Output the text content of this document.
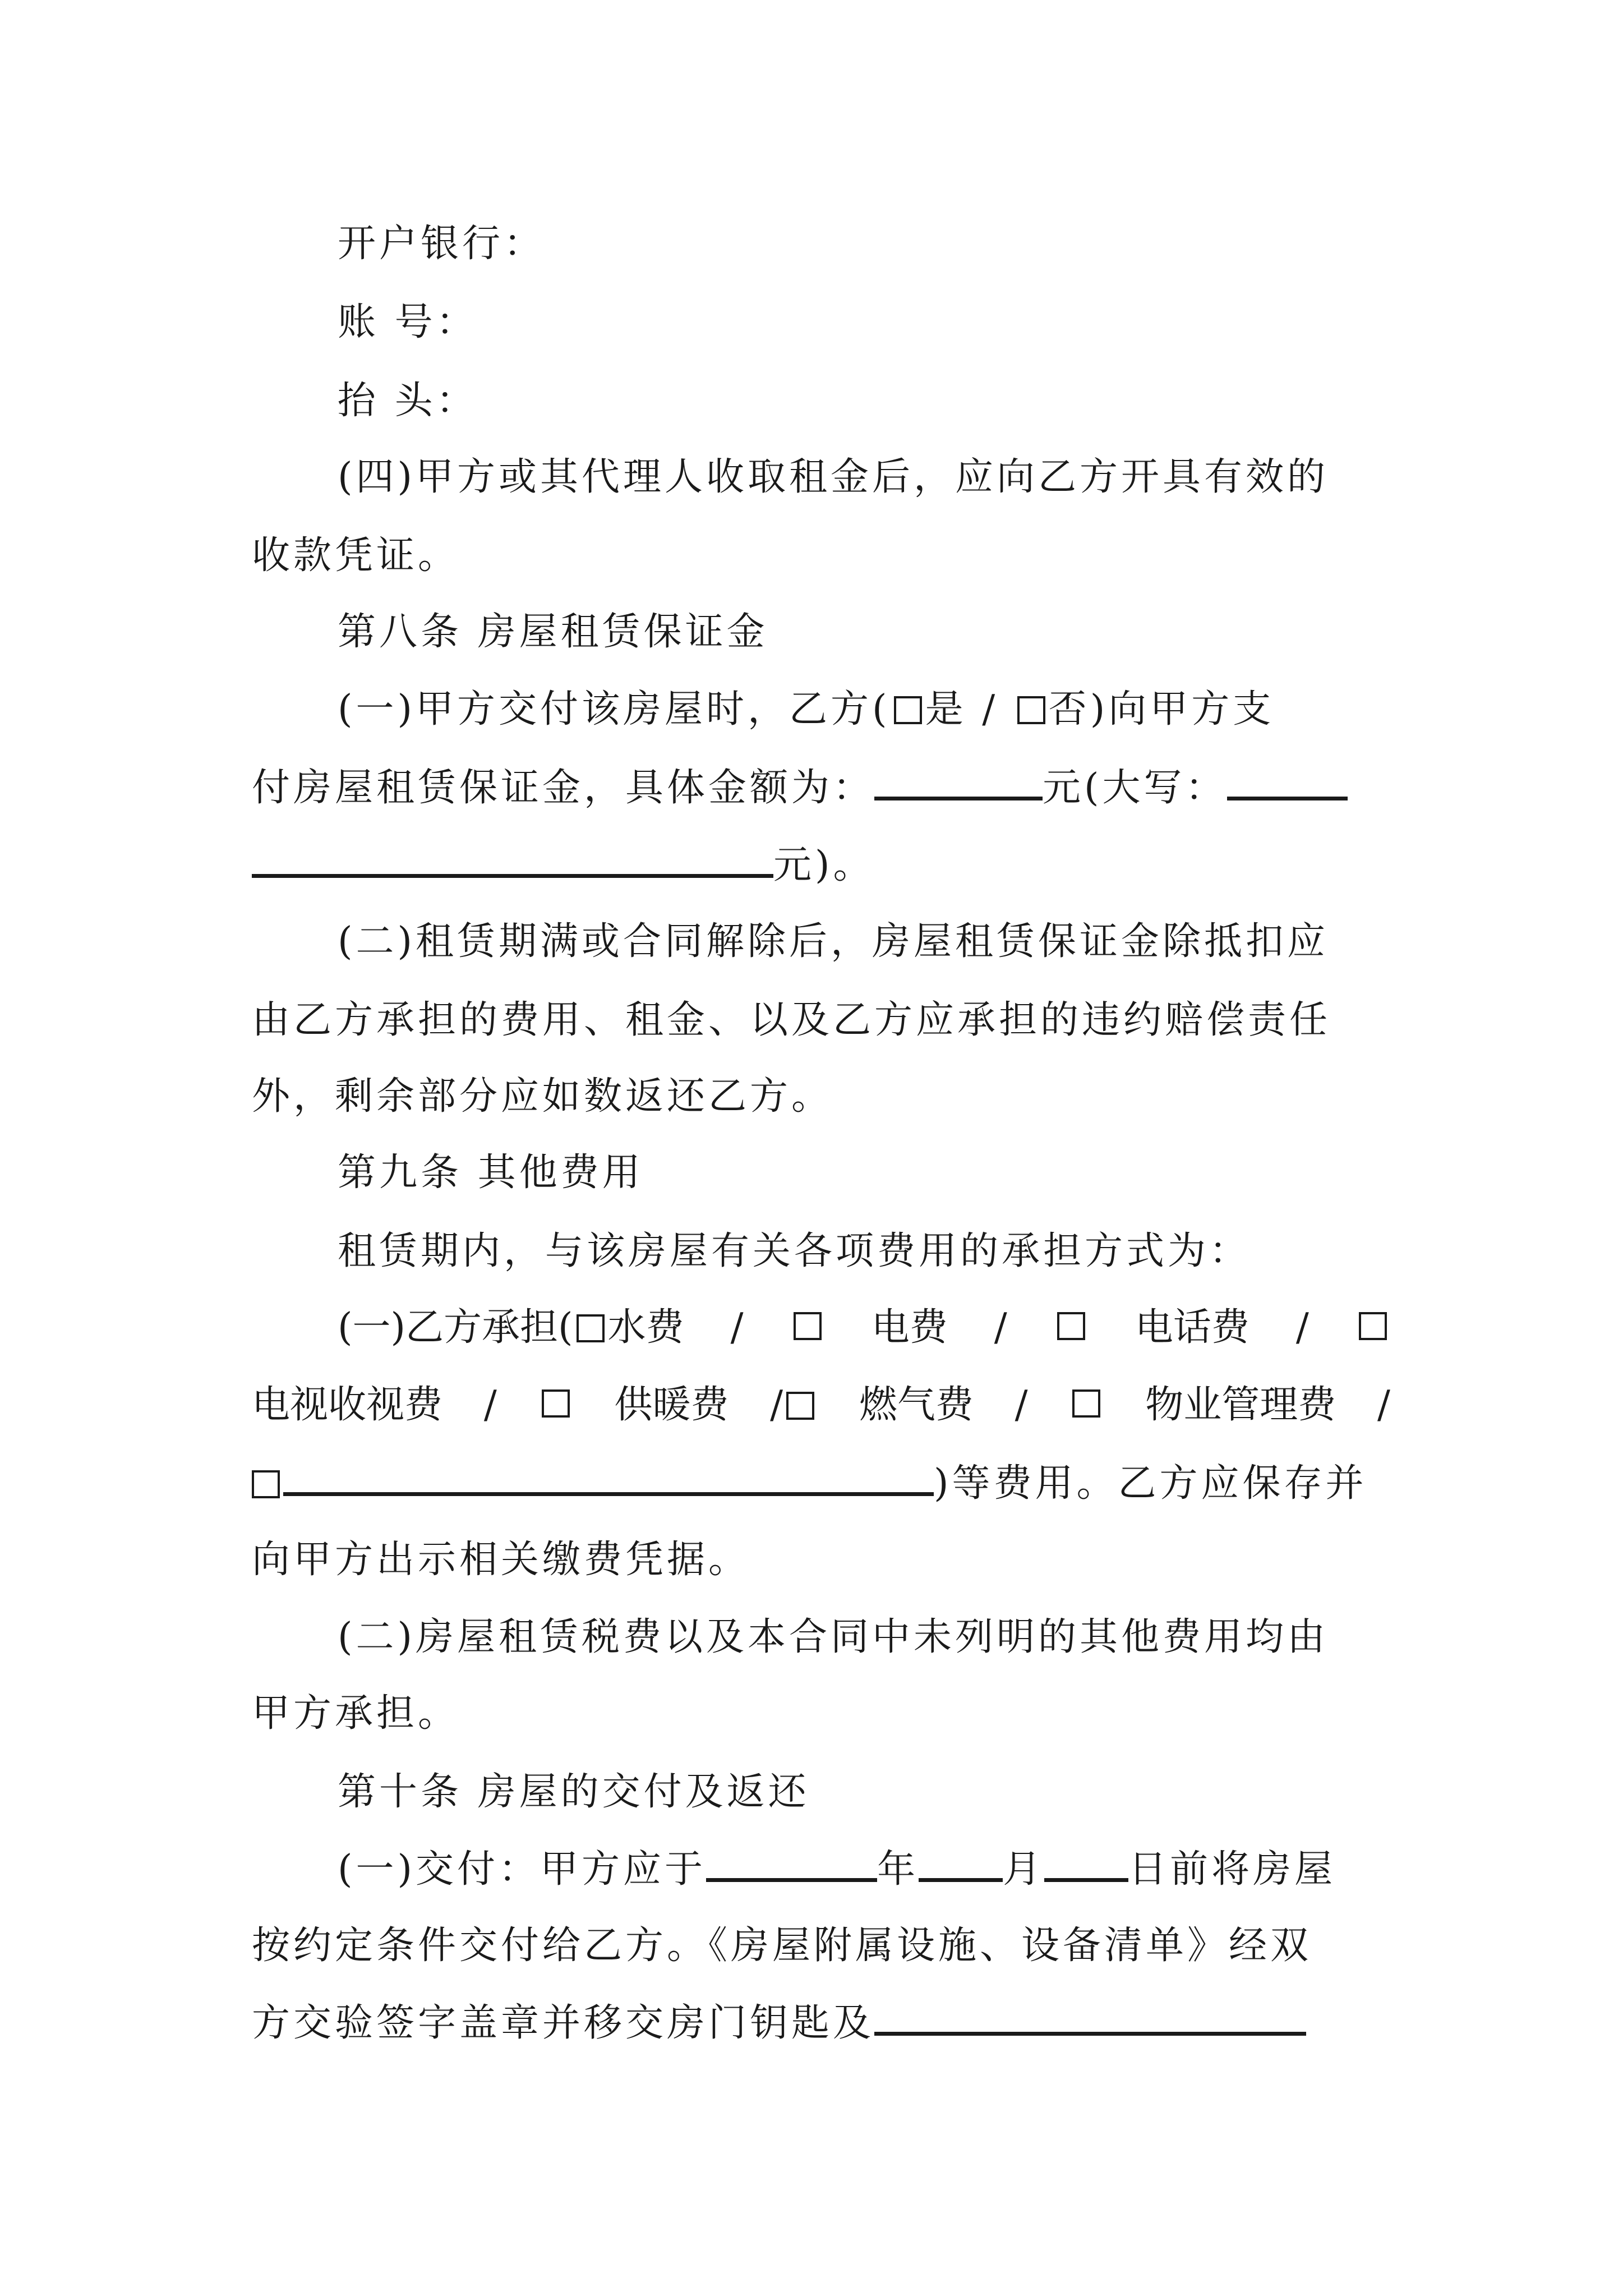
开户银行：
账 号：
抬 头：
(四)甲方或其代理人收取租金后，应向乙方开具有效的
收款凭证。
第八条 房屋租赁保证金
(一)甲方交付该房屋时，乙方( 是 / 否)向甲方支
付房屋租赁保证金，具体金额为：	元(大写：
元)。
(二)租赁期满或合同解除后，房屋租赁保证金除抵扣应
由乙方承担的费用、租金、以及乙方应承担的违约赔偿责任
外，剩余部分应如数返还乙方。
第九条 其他费用
租赁期内，与该房屋有关各项费用的承担方式为：
(一)乙方承担( 水费 /	电费 /	电话费 /
电视收视费 /	供暖费 /	燃气费 /	物业管理费 /
)等费用。乙方应保存并
向甲方出示相关缴费凭据。
(二)房屋租赁税费以及本合同中未列明的其他费用均由
甲方承担。
第十条 房屋的交付及返还
(一)交付：甲方应于	年 月 日前将房屋
按约定条件交付给乙方。《房屋附属设施、设备清单》经双
方交验签字盖章并移交房门钥匙及
